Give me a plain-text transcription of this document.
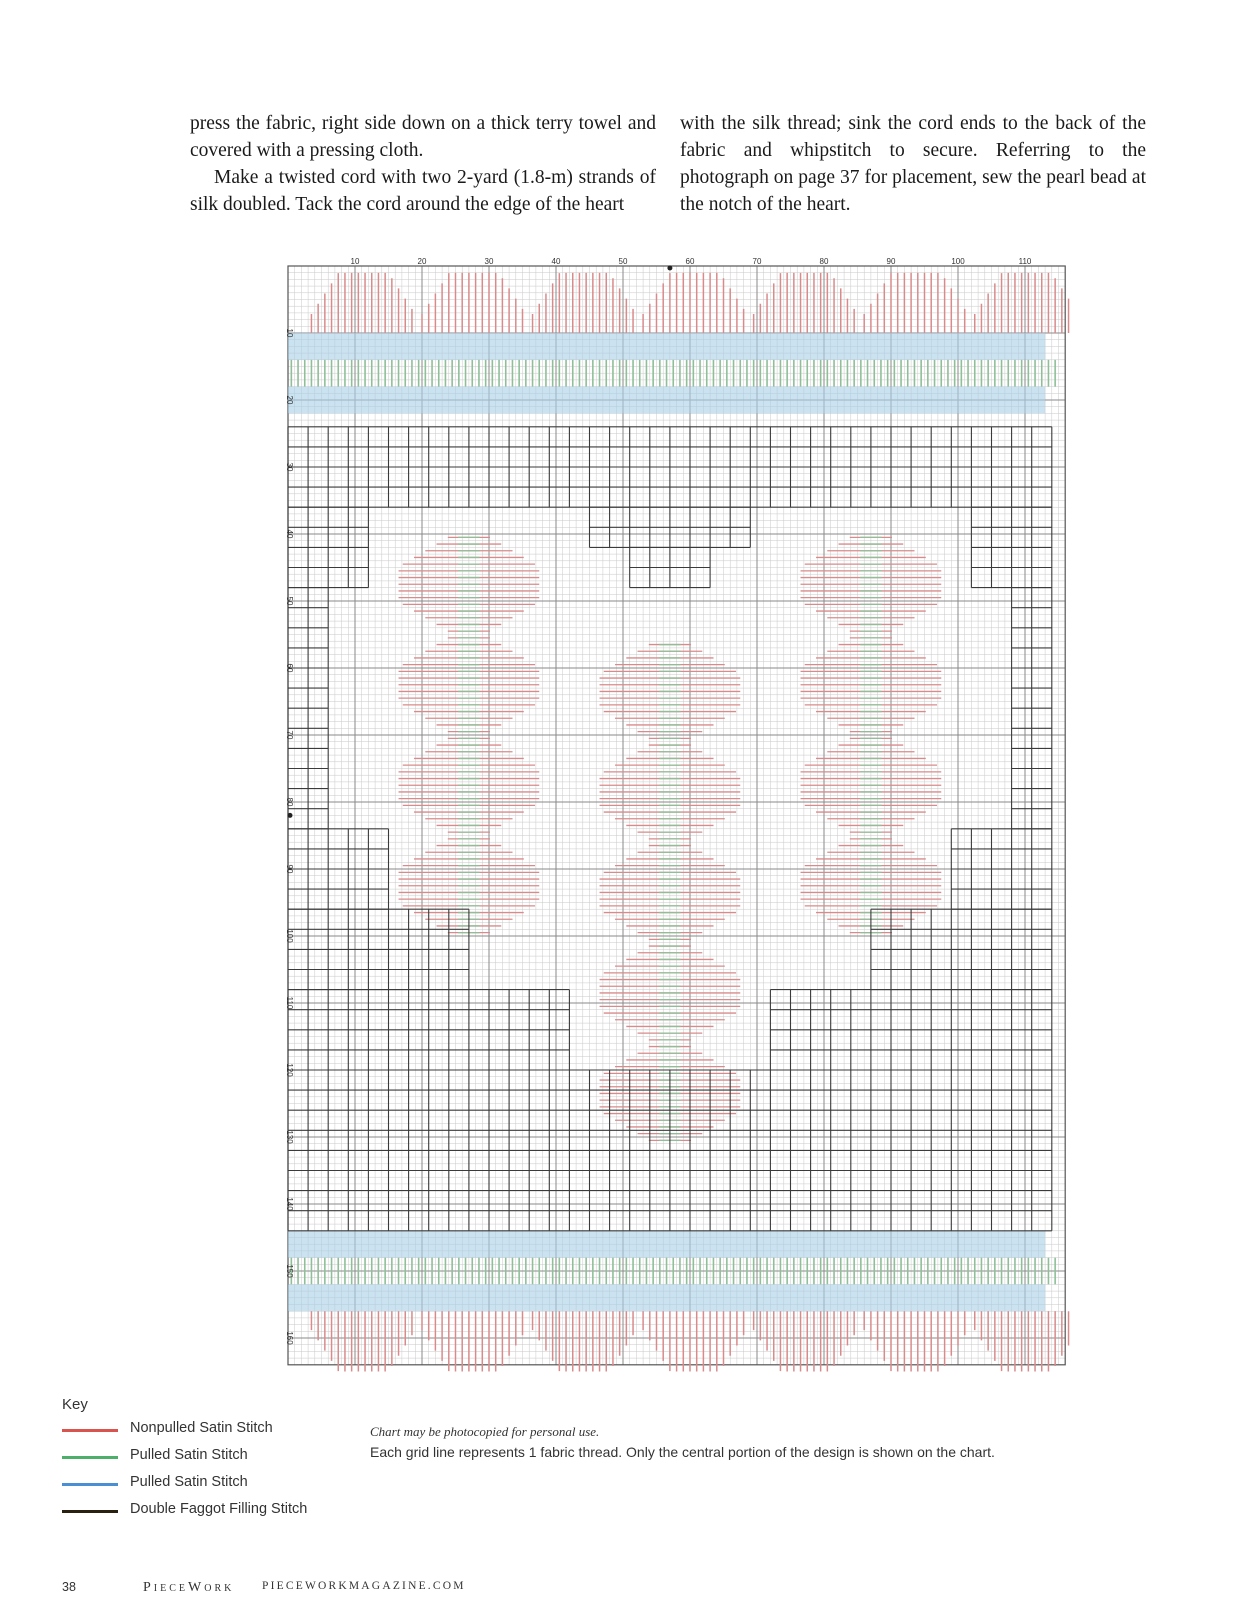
press the fabric, right side down on a thick terry towel and covered with a pressing cloth.

Make a twisted cord with two 2-yard (1.8-m) strands of silk doubled. Tack the cord around the edge of the heart

with the silk thread; sink the cord ends to the back of the fabric and whipstitch to secure. Referring to the photograph on page 37 for placement, sew the pearl bead at the notch of the heart.

10	20	30	40	50	60	70	80	90	100	110
10
20
30
40
50
60
70
80
90
100
110
120
130
140
150
160
Key
Nonpulled Satin Stitch
Pulled Satin Stitch
Pulled Satin Stitch
Double Faggot Filling Stitch
Chart may be photocopied for personal use.
Each grid line represents 1 fabric thread. Only the central portion of the design is shown on the chart.
38	PieceWork PIECEWORKMAGAZINE.COM
